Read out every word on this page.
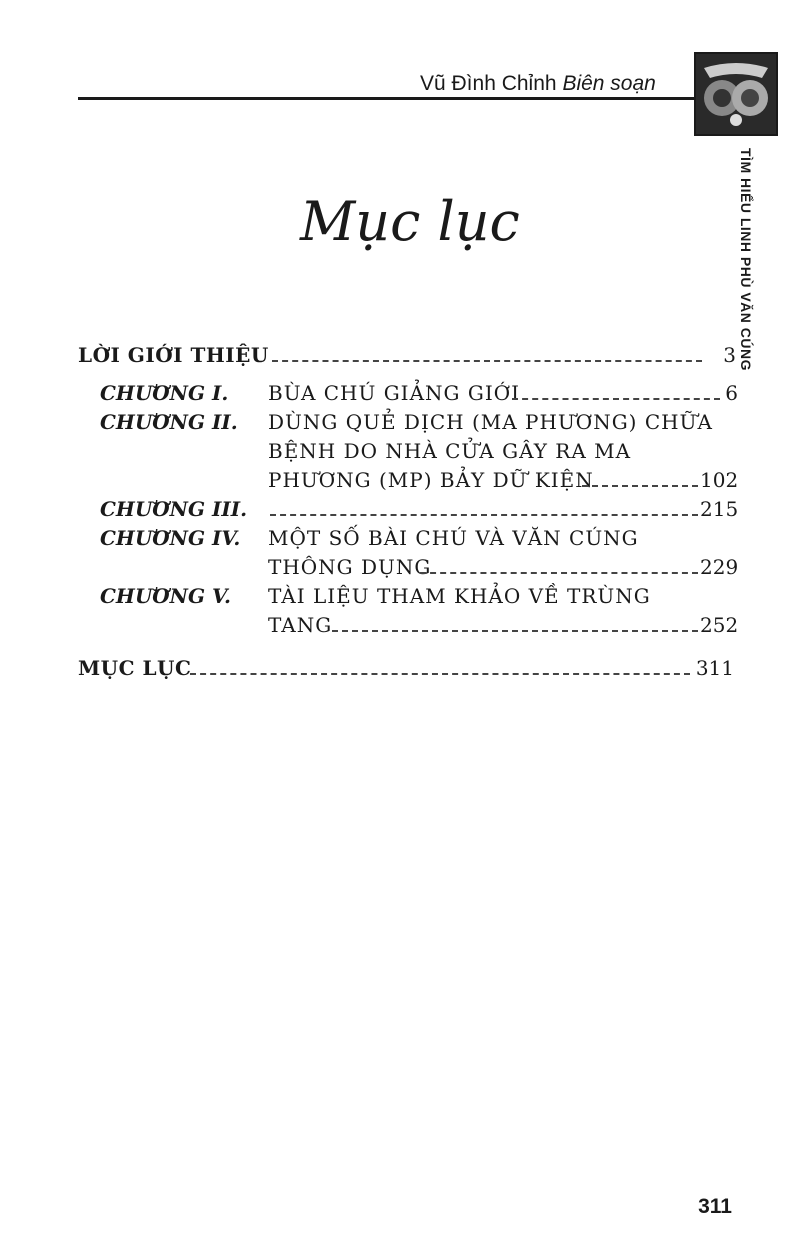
Vũ Đình Chỉnh Biên soạn
TÌM HIỂU LINH PHÙ VĂN CÚNG
Mục lục
LỜI GIỚI THIỆU	3
CHƯƠNG I. BÙA CHÚ GIẢNG GIỚI	6
CHƯƠNG II. DÙNG QUẺ DỊCH (MA PHƯƠNG) CHỮA
BỆNH DO NHÀ CỬA GÂY RA MA
PHƯƠNG (MP) BẢY DỮ KIỆN	102
CHƯƠNG III.	215
CHƯƠNG IV. MỘT SỐ BÀI CHÚ VÀ VĂN CÚNG
THÔNG DỤNG	229
CHƯƠNG V. TÀI LIỆU THAM KHẢO VỀ TRÙNG
TANG	252
MỤC LỤC	311
311
